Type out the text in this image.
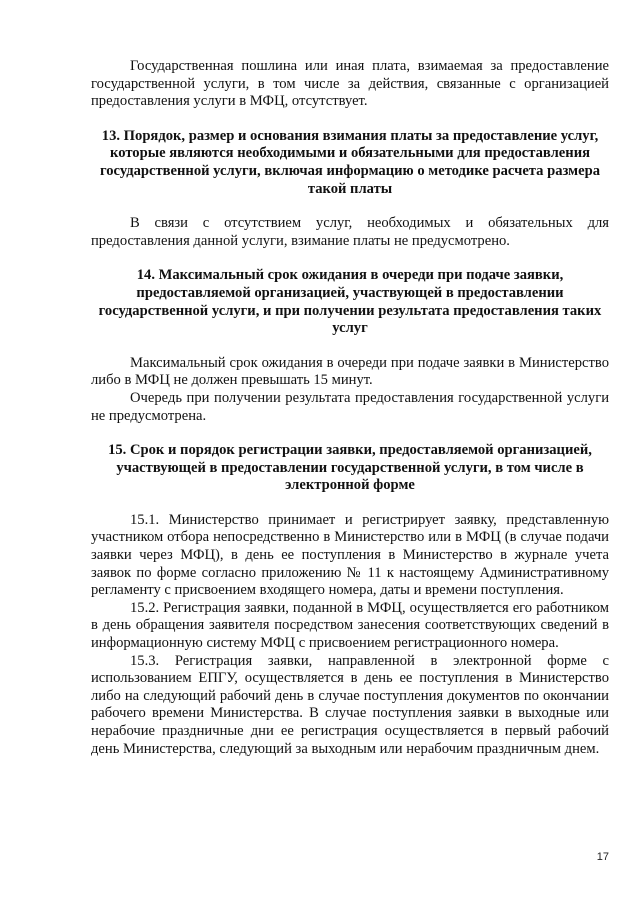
Государственная пошлина или иная плата, взимаемая за предоставление государственной услуги, в том числе за действия, связанные с организацией предоставления услуги в МФЦ, отсутствует.

13. Порядок, размер и основания взимания платы за предоставление услуг, которые являются необходимыми и обязательными для предоставления государственной услуги, включая информацию о методике расчета размера такой платы

В связи с отсутствием услуг, необходимых и обязательных для предоставления данной услуги, взимание платы не предусмотрено.

14. Максимальный срок ожидания в очереди при подаче заявки, предоставляемой организацией, участвующей в предоставлении государственной услуги, и при получении результата предоставления таких услуг

Максимальный срок ожидания в очереди при подаче заявки в Министерство либо в МФЦ не должен превышать 15 минут.

Очередь при получении результата предоставления государственной услуги не предусмотрена.

15. Срок и порядок регистрации заявки, предоставляемой организацией, участвующей в предоставлении государственной услуги, в том числе в электронной форме

15.1. Министерство принимает и регистрирует заявку, представленную участником отбора непосредственно в Министерство или в МФЦ (в случае подачи заявки через МФЦ), в день ее поступления в Министерство в журнале учета заявок по форме согласно приложению № 11 к настоящему Административному регламенту с присвоением входящего номера, даты и времени поступления.

15.2. Регистрация заявки, поданной в МФЦ, осуществляется его работником в день обращения заявителя посредством занесения соответствующих сведений в информационную систему МФЦ с присвоением регистрационного номера.

15.3. Регистрация заявки, направленной в электронной форме с использованием ЕПГУ, осуществляется в день ее поступления в Министерство либо на следующий рабочий день в случае поступления документов по окончании рабочего времени Министерства. В случае поступления заявки в выходные или нерабочие праздничные дни ее регистрация осуществляется в первый рабочий день Министерства, следующий за выходным или нерабочим праздничным днем.

17
